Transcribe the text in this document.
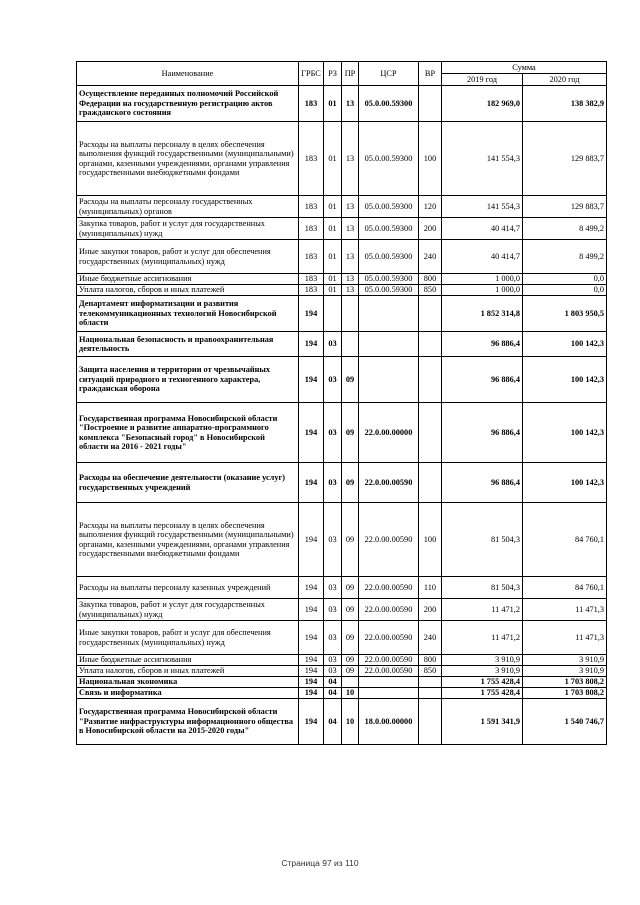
Наименование	ГРБС	РЗ	ПР	ЦСР	ВР	Сумма	
						2019 год	2020 год
Осуществление переданных полномочий Российской Федерации на государственную регистрацию актов гражданского состояния	183	01	13	05.0.00.59300		182 969,0	138 382,9
Расходы на выплаты персоналу в целях обеспечения выполнения функций государственными (муниципальными) органами, казенными учреждениями, органами управления государственными внебюджетными фондами	183	01	13	05.0.00.59300	100	141 554,3	129 883,7
Расходы на выплаты персоналу государственных (муниципальных) органов	183	01	13	05.0.00.59300	120	141 554,3	129 883,7
Закупка товаров, работ и услуг для государственных (муниципальных) нужд	183	01	13	05.0.00.59300	200	40 414,7	8 499,2
Иные закупки товаров, работ и услуг для обеспечения государственных (муниципальных) нужд	183	01	13	05.0.00.59300	240	40 414,7	8 499,2
Иные бюджетные ассигнования	183	01	13	05.0.00.59300	800	1 000,0	0,0
Уплата налогов, сборов и иных платежей	183	01	13	05.0.00.59300	850	1 000,0	0,0
Департамент информатизации и развития телекоммуникационных технологий Новосибирской области	194					1 852 314,8	1 803 950,5
Национальная безопасность и правоохранительная деятельность	194	03				96 886,4	100 142,3
Защита населения и территории от чрезвычайных ситуаций природного и техногенного характера, гражданская оборона	194	03	09			96 886,4	100 142,3
Государственная программа Новосибирской области "Построение и развитие аппаратно-программного комплекса "Безопасный город" в Новосибирской области на 2016 - 2021 годы"	194	03	09	22.0.00.00000		96 886,4	100 142,3
Расходы на обеспечение деятельности (оказание услуг) государственных учреждений	194	03	09	22.0.00.00590		96 886,4	100 142,3
Расходы на выплаты персоналу в целях обеспечения выполнения функций государственными (муниципальными) органами, казенными учреждениями, органами управления государственными внебюджетными фондами	194	03	09	22.0.00.00590	100	81 504,3	84 760,1
Расходы на выплаты персоналу казенных учреждений	194	03	09	22.0.00.00590	110	81 504,3	84 760,1
Закупка товаров, работ и услуг для государственных (муниципальных) нужд	194	03	09	22.0.00.00590	200	11 471,2	11 471,3
Иные закупки товаров, работ и услуг для обеспечения государственных (муниципальных) нужд	194	03	09	22.0.00.00590	240	11 471,2	11 471,3
Иные бюджетные ассигнования	194	03	09	22.0.00.00590	800	3 910,9	3 910,9
Уплата налогов, сборов и иных платежей	194	03	09	22.0.00.00590	850	3 910,9	3 910,9
Национальная экономика	194	04				1 755 428,4	1 703 808,2
Связь и информатика	194	04	10			1 755 428,4	1 703 808,2
Государственная программа Новосибирской области "Развитие инфраструктуры информационного общества в Новосибирской области на 2015-2020 годы"	194	04	10	18.0.00.00000		1 591 341,9	1 540 746,7
Страница 97 из 110
